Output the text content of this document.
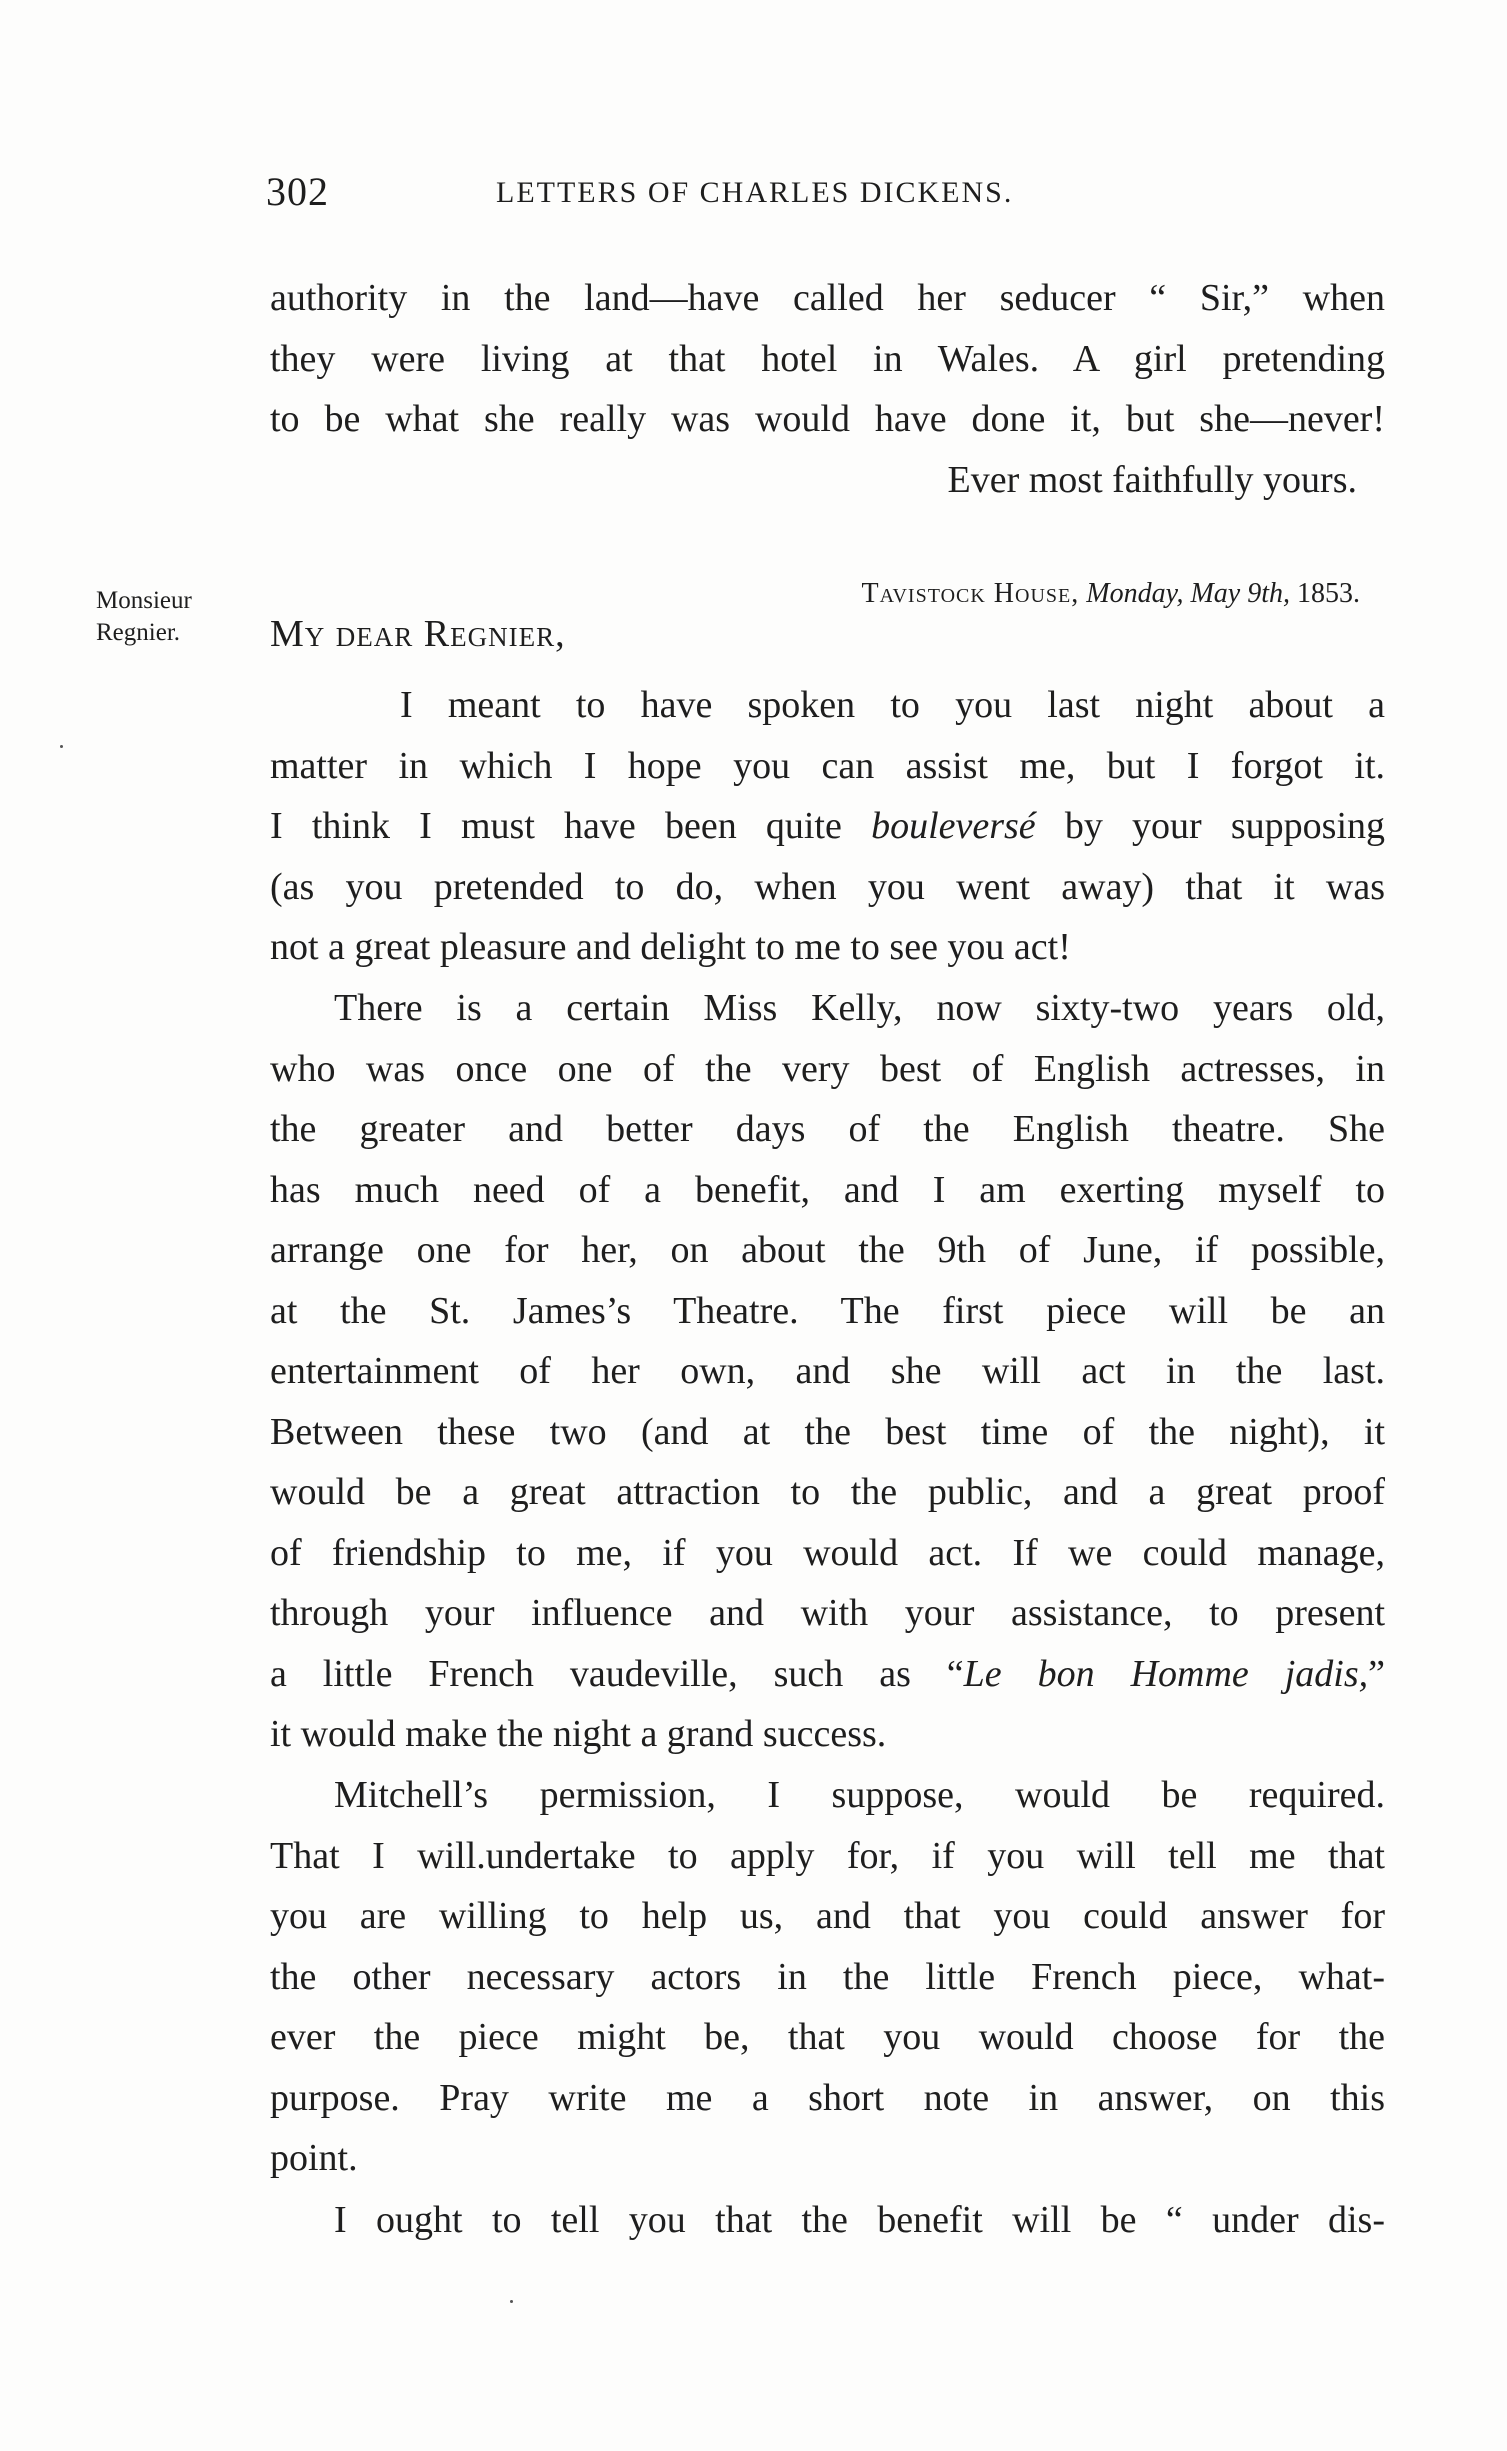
302	LETTERS OF CHARLES DICKENS.
authority in the land—have called her seducer “ Sir,” when
they were living at that hotel in Wales. A girl pretending
to be what she really was would have done it, but she—never!
Ever most faithfully yours.
Monsieur
Regnier.
Tavistock House, Monday, May 9th, 1853.
My dear Regnier,
I meant to have spoken to you last night about a
matter in which I hope you can assist me, but I forgot it.
I think I must have been quite bouleversé by your supposing
(as you pretended to do, when you went away) that it was
not a great pleasure and delight to me to see you act!
There is a certain Miss Kelly, now sixty-two years old,
who was once one of the very best of English actresses, in
the greater and better days of the English theatre. She
has much need of a benefit, and I am exerting myself to
arrange one for her, on about the 9th of June, if possible,
at the St. James’s Theatre. The first piece will be an
entertainment of her own, and she will act in the last.
Between these two (and at the best time of the night), it
would be a great attraction to the public, and a great proof
of friendship to me, if you would act. If we could manage,
through your influence and with your assistance, to present
a little French vaudeville, such as “Le bon Homme jadis,”
it would make the night a grand success.
Mitchell’s permission, I suppose, would be required.
That I will.undertake to apply for, if you will tell me that
you are willing to help us, and that you could answer for
the other necessary actors in the little French piece, what-
ever the piece might be, that you would choose for the
purpose. Pray write me a short note in answer, on this
point.
I ought to tell you that the benefit will be “ under dis-
